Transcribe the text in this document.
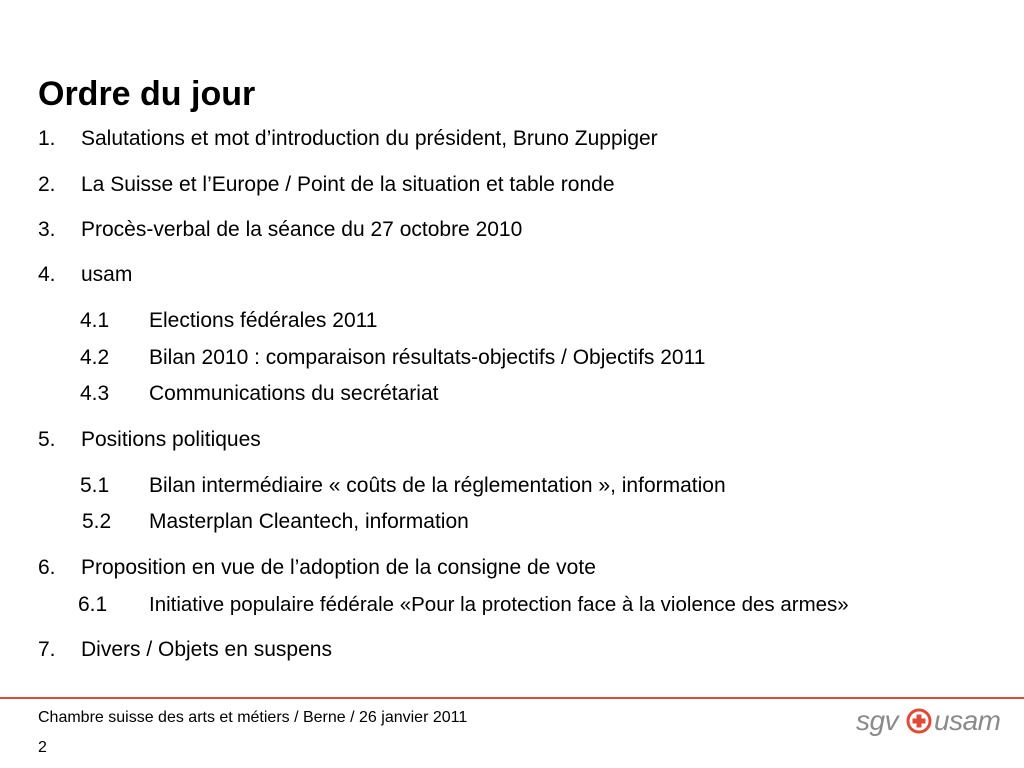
Ordre du jour
1. Salutations et mot d’introduction du président, Bruno Zuppiger
2. La Suisse et l’Europe / Point de la situation et table ronde
3. Procès-verbal de la séance du 27 octobre 2010
4. usam
4.1 Elections fédérales 2011
4.2 Bilan 2010 : comparaison résultats-objectifs / Objectifs 2011
4.3 Communications du secrétariat
5. Positions politiques
5.1 Bilan intermédiaire « coûts de la réglementation », information
5.2 Masterplan Cleantech, information
6. Proposition en vue de l’adoption de la consigne de vote
6.1 Initiative populaire fédérale «Pour la protection face à la violence des armes»
7. Divers / Objets en suspens
Chambre suisse des arts et métiers / Berne / 26 janvier 2011
2
sgv usam
